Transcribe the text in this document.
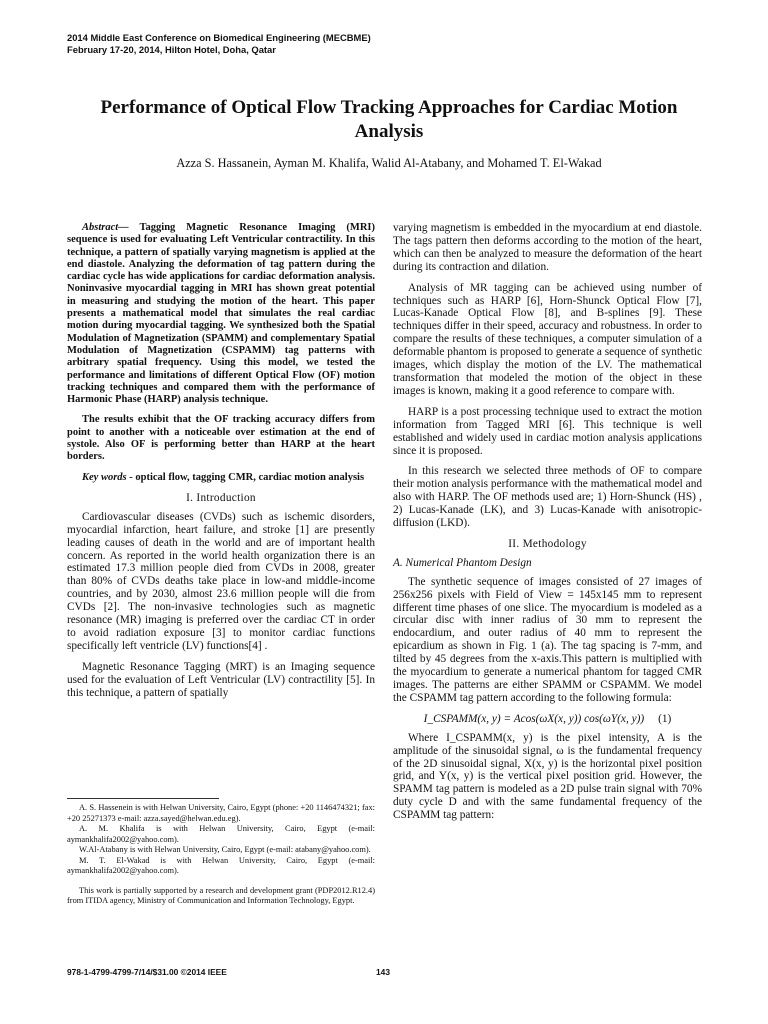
2014 Middle East Conference on Biomedical Engineering (MECBME)
February 17-20, 2014, Hilton Hotel, Doha, Qatar
Performance of Optical Flow Tracking Approaches for Cardiac Motion Analysis
Azza S. Hassanein, Ayman M. Khalifa, Walid Al-Atabany, and Mohamed T. El-Wakad

Abstract— Tagging Magnetic Resonance Imaging (MRI) sequence is used for evaluating Left Ventricular contractility. In this technique, a pattern of spatially varying magnetism is applied at the end diastole. Analyzing the deformation of tag pattern during the cardiac cycle has wide applications for cardiac deformation analysis. Noninvasive myocardial tagging in MRI has shown great potential in measuring and studying the motion of the heart. This paper presents a mathematical model that simulates the real cardiac motion during myocardial tagging. We synthesized both the Spatial Modulation of Magnetization (SPAMM) and complementary Spatial Modulation of Magnetization (CSPAMM) tag patterns with arbitrary spatial frequency. Using this model, we tested the performance and limitations of different Optical Flow (OF) motion tracking techniques and compared them with the performance of Harmonic Phase (HARP) analysis technique.

The results exhibit that the OF tracking accuracy differs from point to another with a noticeable over estimation at the end of systole. Also OF is performing better than HARP at the heart borders.

Key words - optical flow, tagging CMR, cardiac motion analysis

I. Introduction

Cardiovascular diseases (CVDs) such as ischemic disorders, myocardial infarction, heart failure, and stroke [1] are presently leading causes of death in the world and are of important health concern. As reported in the world health organization there is an estimated 17.3 million people died from CVDs in 2008, greater than 80% of CVDs deaths take place in low-and middle-income countries, and by 2030, almost 23.6 million people will die from CVDs [2]. The non-invasive technologies such as magnetic resonance (MR) imaging is preferred over the cardiac CT in order to avoid radiation exposure [3] to monitor cardiac functions specifically left ventricle (LV) functions[4] .

Magnetic Resonance Tagging (MRT) is an Imaging sequence used for the evaluation of Left Ventricular (LV) contractility [5]. In this technique, a pattern of spatially

A. S. Hassenein is with Helwan University, Cairo, Egypt (phone: +20 1146474321; fax: +20 25271373 e-mail: azza.sayed@helwan.edu.eg).

A. M. Khalifa is with Helwan University, Cairo, Egypt (e-mail: aymankhalifa2002@yahoo.com).

W.Al-Atabany is with Helwan University, Cairo, Egypt (e-mail: atabany@yahoo.com).

M. T. El-Wakad is with Helwan University, Cairo, Egypt (e-mail: aymankhalifa2002@yahoo.com).

This work is partially supported by a research and development grant (PDP2012.R12.4) from ITIDA agency, Ministry of Communication and Information Technology, Egypt.

varying magnetism is embedded in the myocardium at end diastole. The tags pattern then deforms according to the motion of the heart, which can then be analyzed to measure the deformation of the heart during its contraction and dilation.

Analysis of MR tagging can be achieved using number of techniques such as HARP [6], Horn-Shunck Optical Flow [7], Lucas-Kanade Optical Flow [8], and B-splines [9]. These techniques differ in their speed, accuracy and robustness. In order to compare the results of these techniques, a computer simulation of a deformable phantom is proposed to generate a sequence of synthetic images, which display the motion of the LV. The mathematical transformation that modeled the motion of the object in these images is known, making it a good reference to compare with.

HARP is a post processing technique used to extract the motion information from Tagged MRI [6]. This technique is well established and widely used in cardiac motion analysis applications since it is proposed.

In this research we selected three methods of OF to compare their motion analysis performance with the mathematical model and also with HARP. The OF methods used are; 1) Horn-Shunck (HS) , 2) Lucas-Kanade (LK), and 3) Lucas-Kanade with anisotropic-diffusion (LKD).

II. Methodology
A. Numerical Phantom Design

The synthetic sequence of images consisted of 27 images of 256x256 pixels with Field of View = 145x145 mm to represent different time phases of one slice. The myocardium is modeled as a circular disc with inner radius of 30 mm to represent the endocardium, and outer radius of 40 mm to represent the epicardium as shown in Fig. 1 (a). The tag spacing is 7-mm, and tilted by 45 degrees from the x-axis.This pattern is multiplied with the myocardium to generate a numerical phantom for tagged CMR images. The patterns are either SPAMM or CSPAMM. We model the CSPAMM tag pattern according to the following formula:

I_CSPAMM(x, y) = Acos(ωX(x, y)) cos(ωY(x, y)) (1)

Where I_CSPAMM(x, y) is the pixel intensity, A is the amplitude of the sinusoidal signal, ω is the fundamental frequency of the 2D sinusoidal signal, X(x, y) is the horizontal pixel position grid, and Y(x, y) is the vertical pixel position grid. However, the SPAMM tag pattern is modeled as a 2D pulse train signal with 70% duty cycle D and with the same fundamental frequency of the CSPAMM tag pattern:

978-1-4799-4799-7/14/$31.00 ©2014 IEEE	143
